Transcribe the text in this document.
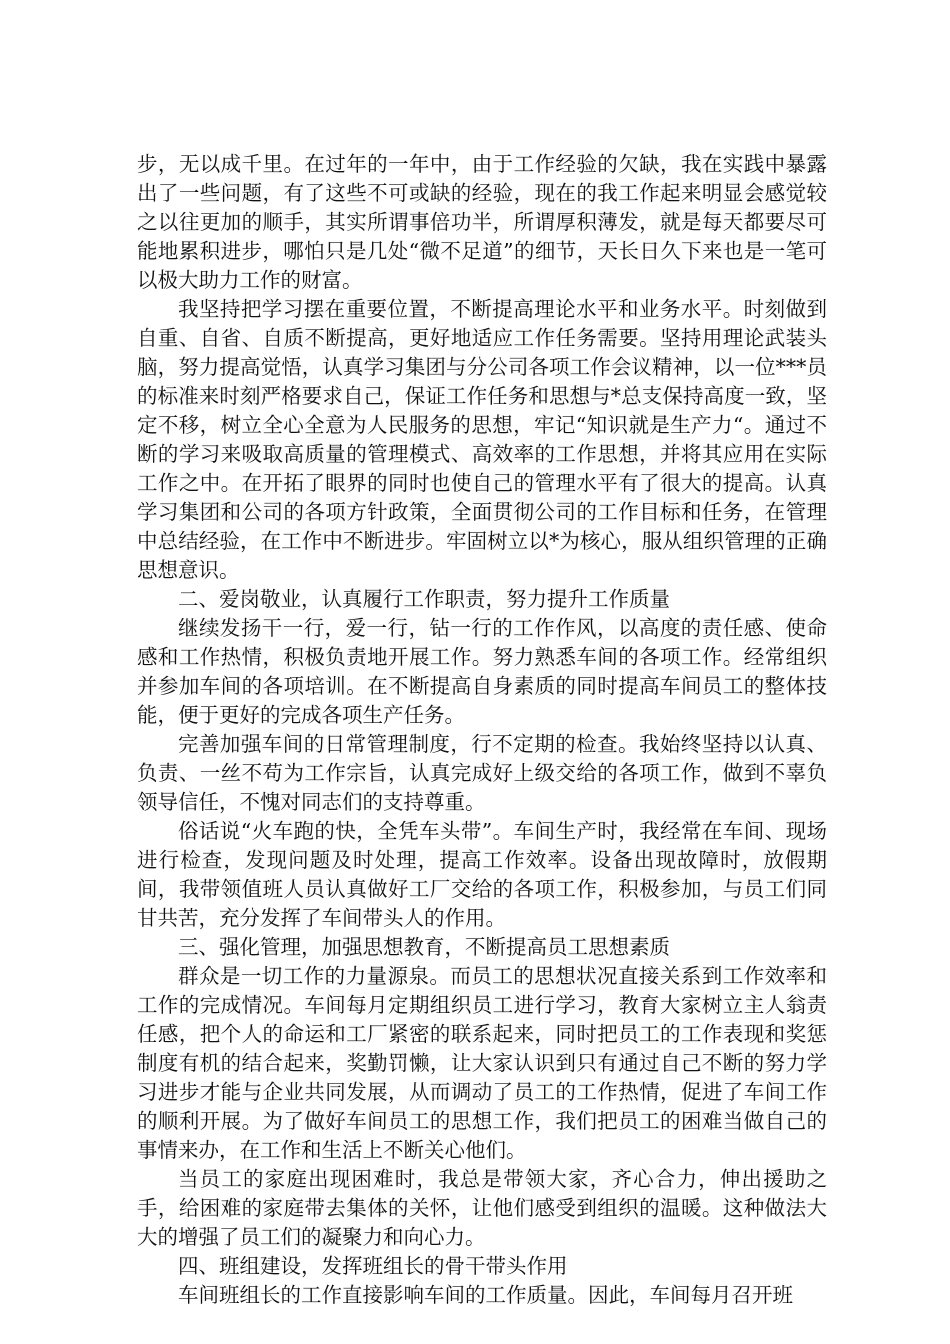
步，无以成千里。在过年的一年中，由于工作经验的欠缺，我在实践中暴露出了一些问题，有了这些不可或缺的经验，现在的我工作起来明显会感觉较之以往更加的顺手，其实所谓事倍功半，所谓厚积薄发，就是每天都要尽可能地累积进步，哪怕只是几处“微不足道”的细节，天长日久下来也是一笔可以极大助力工作的财富。

我坚持把学习摆在重要位置，不断提高理论水平和业务水平。时刻做到自重、自省、自质不断提高，更好地适应工作任务需要。坚持用理论武装头脑，努力提高觉悟，认真学习集团与分公司各项工作会议精神，以一位***员的标准来时刻严格要求自己，保证工作任务和思想与*总支保持高度一致，坚定不移，树立全心全意为人民服务的思想，牢记“知识就是生产力“。通过不断的学习来吸取高质量的管理模式、高效率的工作思想，并将其应用在实际工作之中。在开拓了眼界的同时也使自己的管理水平有了很大的提高。认真学习集团和公司的各项方针政策，全面贯彻公司的工作目标和任务，在管理中总结经验，在工作中不断进步。牢固树立以*为核心，服从组织管理的正确思想意识。

二、爱岗敬业，认真履行工作职责，努力提升工作质量

继续发扬干一行，爱一行，钻一行的工作作风，以高度的责任感、使命感和工作热情，积极负责地开展工作。努力熟悉车间的各项工作。经常组织并参加车间的各项培训。在不断提高自身素质的同时提高车间员工的整体技能，便于更好的完成各项生产任务。

完善加强车间的日常管理制度，行不定期的检查。我始终坚持以认真、负责、一丝不苟为工作宗旨，认真完成好上级交给的各项工作，做到不辜负领导信任，不愧对同志们的支持尊重。

俗话说“火车跑的快，全凭车头带”。车间生产时，我经常在车间、现场进行检查，发现问题及时处理，提高工作效率。设备出现故障时，放假期间，我带领值班人员认真做好工厂交给的各项工作，积极参加，与员工们同甘共苦，充分发挥了车间带头人的作用。

三、强化管理，加强思想教育，不断提高员工思想素质

群众是一切工作的力量源泉。而员工的思想状况直接关系到工作效率和工作的完成情况。车间每月定期组织员工进行学习，教育大家树立主人翁责任感，把个人的命运和工厂紧密的联系起来，同时把员工的工作表现和奖惩制度有机的结合起来，奖勤罚懒，让大家认识到只有通过自己不断的努力学习进步才能与企业共同发展，从而调动了员工的工作热情，促进了车间工作的顺利开展。为了做好车间员工的思想工作，我们把员工的困难当做自己的事情来办，在工作和生活上不断关心他们。

当员工的家庭出现困难时，我总是带领大家，齐心合力，伸出援助之手，给困难的家庭带去集体的关怀，让他们感受到组织的温暖。这种做法大大的增强了员工们的凝聚力和向心力。

四、班组建设，发挥班组长的骨干带头作用

车间班组长的工作直接影响车间的工作质量。因此，车间每月召开班
